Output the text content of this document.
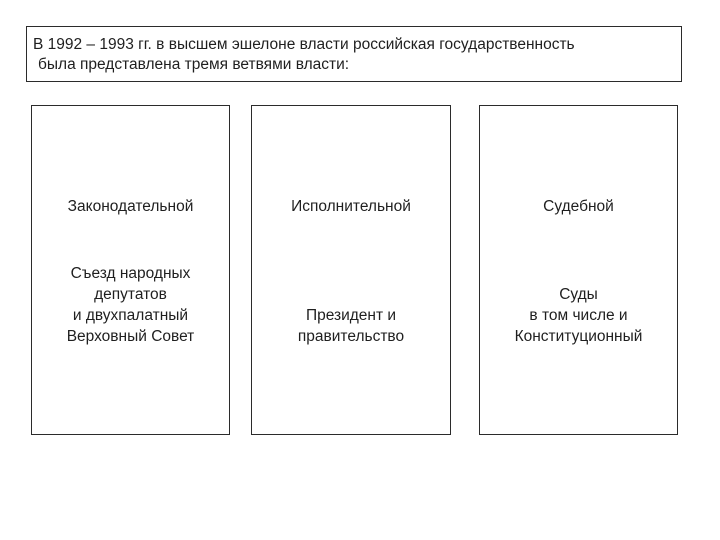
В 1992 – 1993 гг. в высшем эшелоне власти российская государственность
была представлена тремя ветвями власти:
Законодательной
Съезд народных
депутатов
и двухпалатный
Верховный Совет
Исполнительной
Президент и
правительство
Судебной
Суды
в том числе и
Конституционный
